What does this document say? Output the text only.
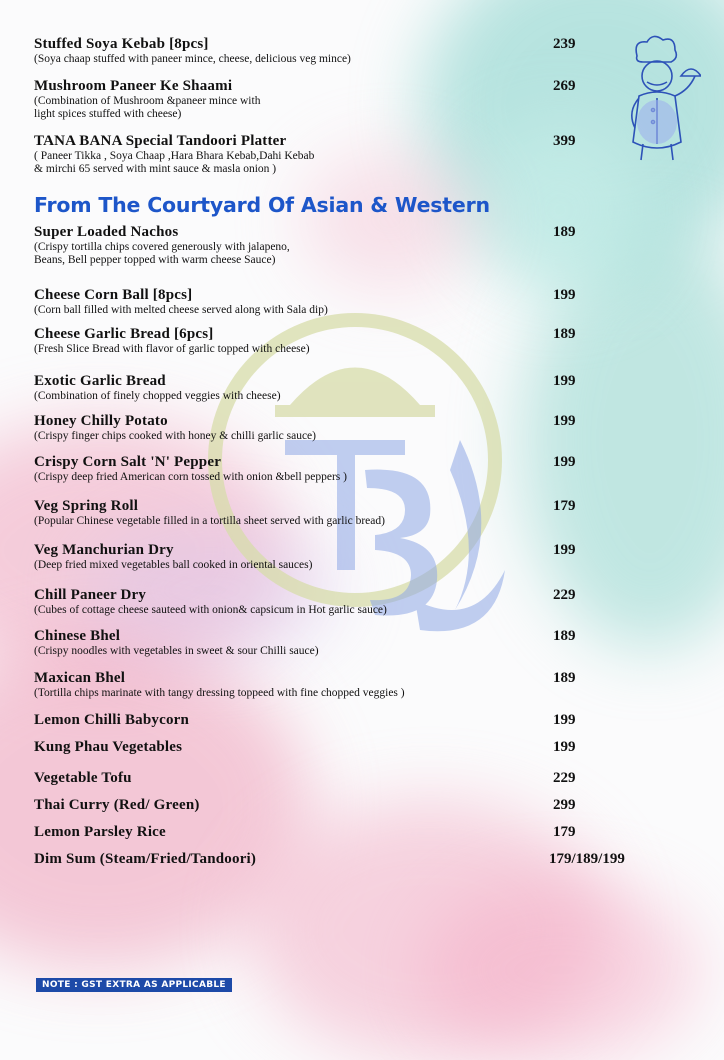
From The Courtyard Of Asian & Western
Stuffed Soya Kebab [8pcs]
(Soya chaap stuffed with paneer mince, cheese, delicious veg mince)
239
Mushroom Paneer Ke Shaami
(Combination of Mushroom &paneer mince with
light spices stuffed with cheese)
269
TANA BANA Special Tandoori Platter
( Paneer Tikka , Soya Chaap ,Hara Bhara Kebab,Dahi Kebab
& mirchi 65 served with mint sauce & masla onion )
399
Super Loaded Nachos
(Crispy tortilla chips covered generously with jalapeno,
Beans, Bell pepper topped with warm cheese Sauce)
189
Cheese Corn Ball [8pcs]
(Corn ball filled with melted cheese served along with Sala dip)
199
Cheese Garlic Bread [6pcs]
(Fresh Slice Bread with flavor of garlic topped with cheese)
189
Exotic Garlic Bread
(Combination of finely chopped veggies with cheese)
199
Honey Chilly Potato
(Crispy finger chips cooked with honey & chilli garlic sauce)
199
Crispy Corn Salt 'N' Pepper
(Crispy deep fried American corn tossed with onion &bell peppers )
199
Veg Spring Roll
(Popular Chinese vegetable filled in a tortilla sheet served with garlic bread)
179
Veg Manchurian Dry
(Deep fried mixed vegetables ball cooked in oriental sauces)
199
Chill Paneer Dry
(Cubes of cottage cheese sauteed with onion& capsicum in Hot garlic sauce)
229
Chinese Bhel
(Crispy noodles with vegetables in sweet & sour Chilli sauce)
189
Maxican Bhel
(Tortilla chips marinate with tangy dressing toppeed with fine chopped veggies )
189
Lemon Chilli Babycorn	199
Kung Phau Vegetables	199
Vegetable Tofu	229
Thai Curry (Red/ Green)	299
Lemon Parsley Rice	179
Dim Sum (Steam/Fried/Tandoori)	179/189/199
NOTE : GST EXTRA AS APPLICABLE
